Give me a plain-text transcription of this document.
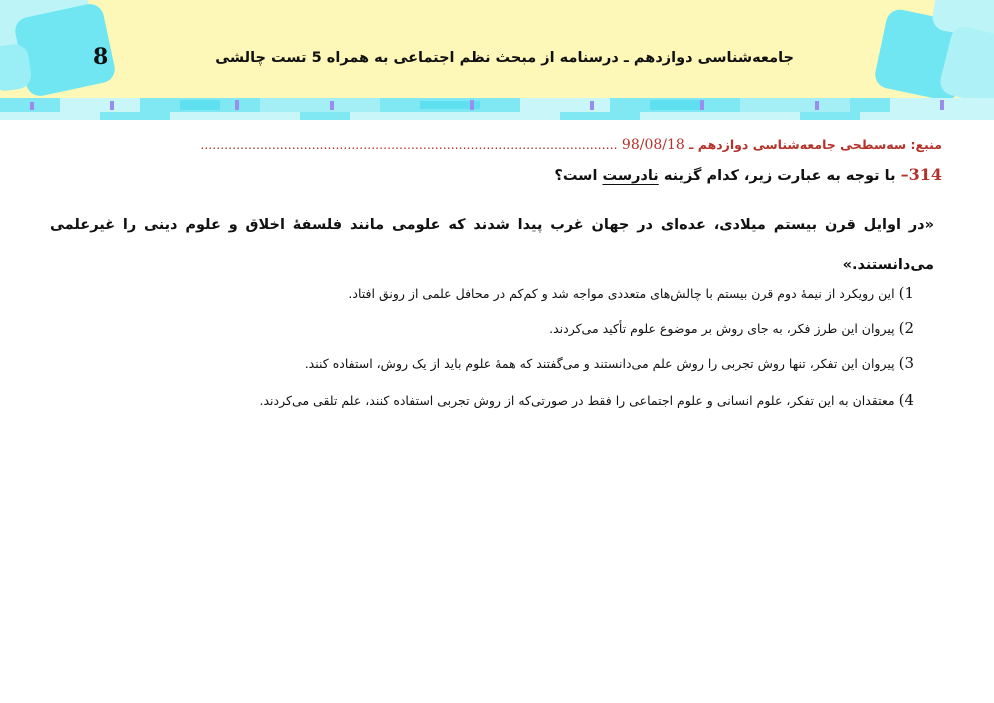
8	جامعه‌شناسی دوازدهم ـ درسنامه از مبحث نظم اجتماعی به همراه 5 تست چالشی
منبع: سه‌سطحی جامعه‌شناسی دوازدهم ـ 98/08/18 .........................................................................................................
314– با توجه به عبارت زیر، کدام گزینه نادرست است؟
«در اوایل قرن بیستم میلادی، عده‌ای در جهان غرب پیدا شدند که علومی مانند فلسفهٔ اخلاق و علوم دینی را غیرعلمی می‌دانستند.»
1) این رویکرد از نیمهٔ دوم قرن بیستم با چالش‌های متعددی مواجه شد و کم‌کم در محافل علمی از رونق افتاد.
2) پیروان این طرز فکر، به جای روش بر موضوع علوم تأکید می‌کردند.
3) پیروان این تفکر، تنها روش تجربی را روش علم می‌دانستند و می‌گفتند که همهٔ علوم باید از یک روش، استفاده کنند.
4) معتقدان به این تفکر، علوم انسانی و علوم اجتماعی را فقط در صورتی‌که از روش تجربی استفاده کنند، علم تلقی می‌کردند.
